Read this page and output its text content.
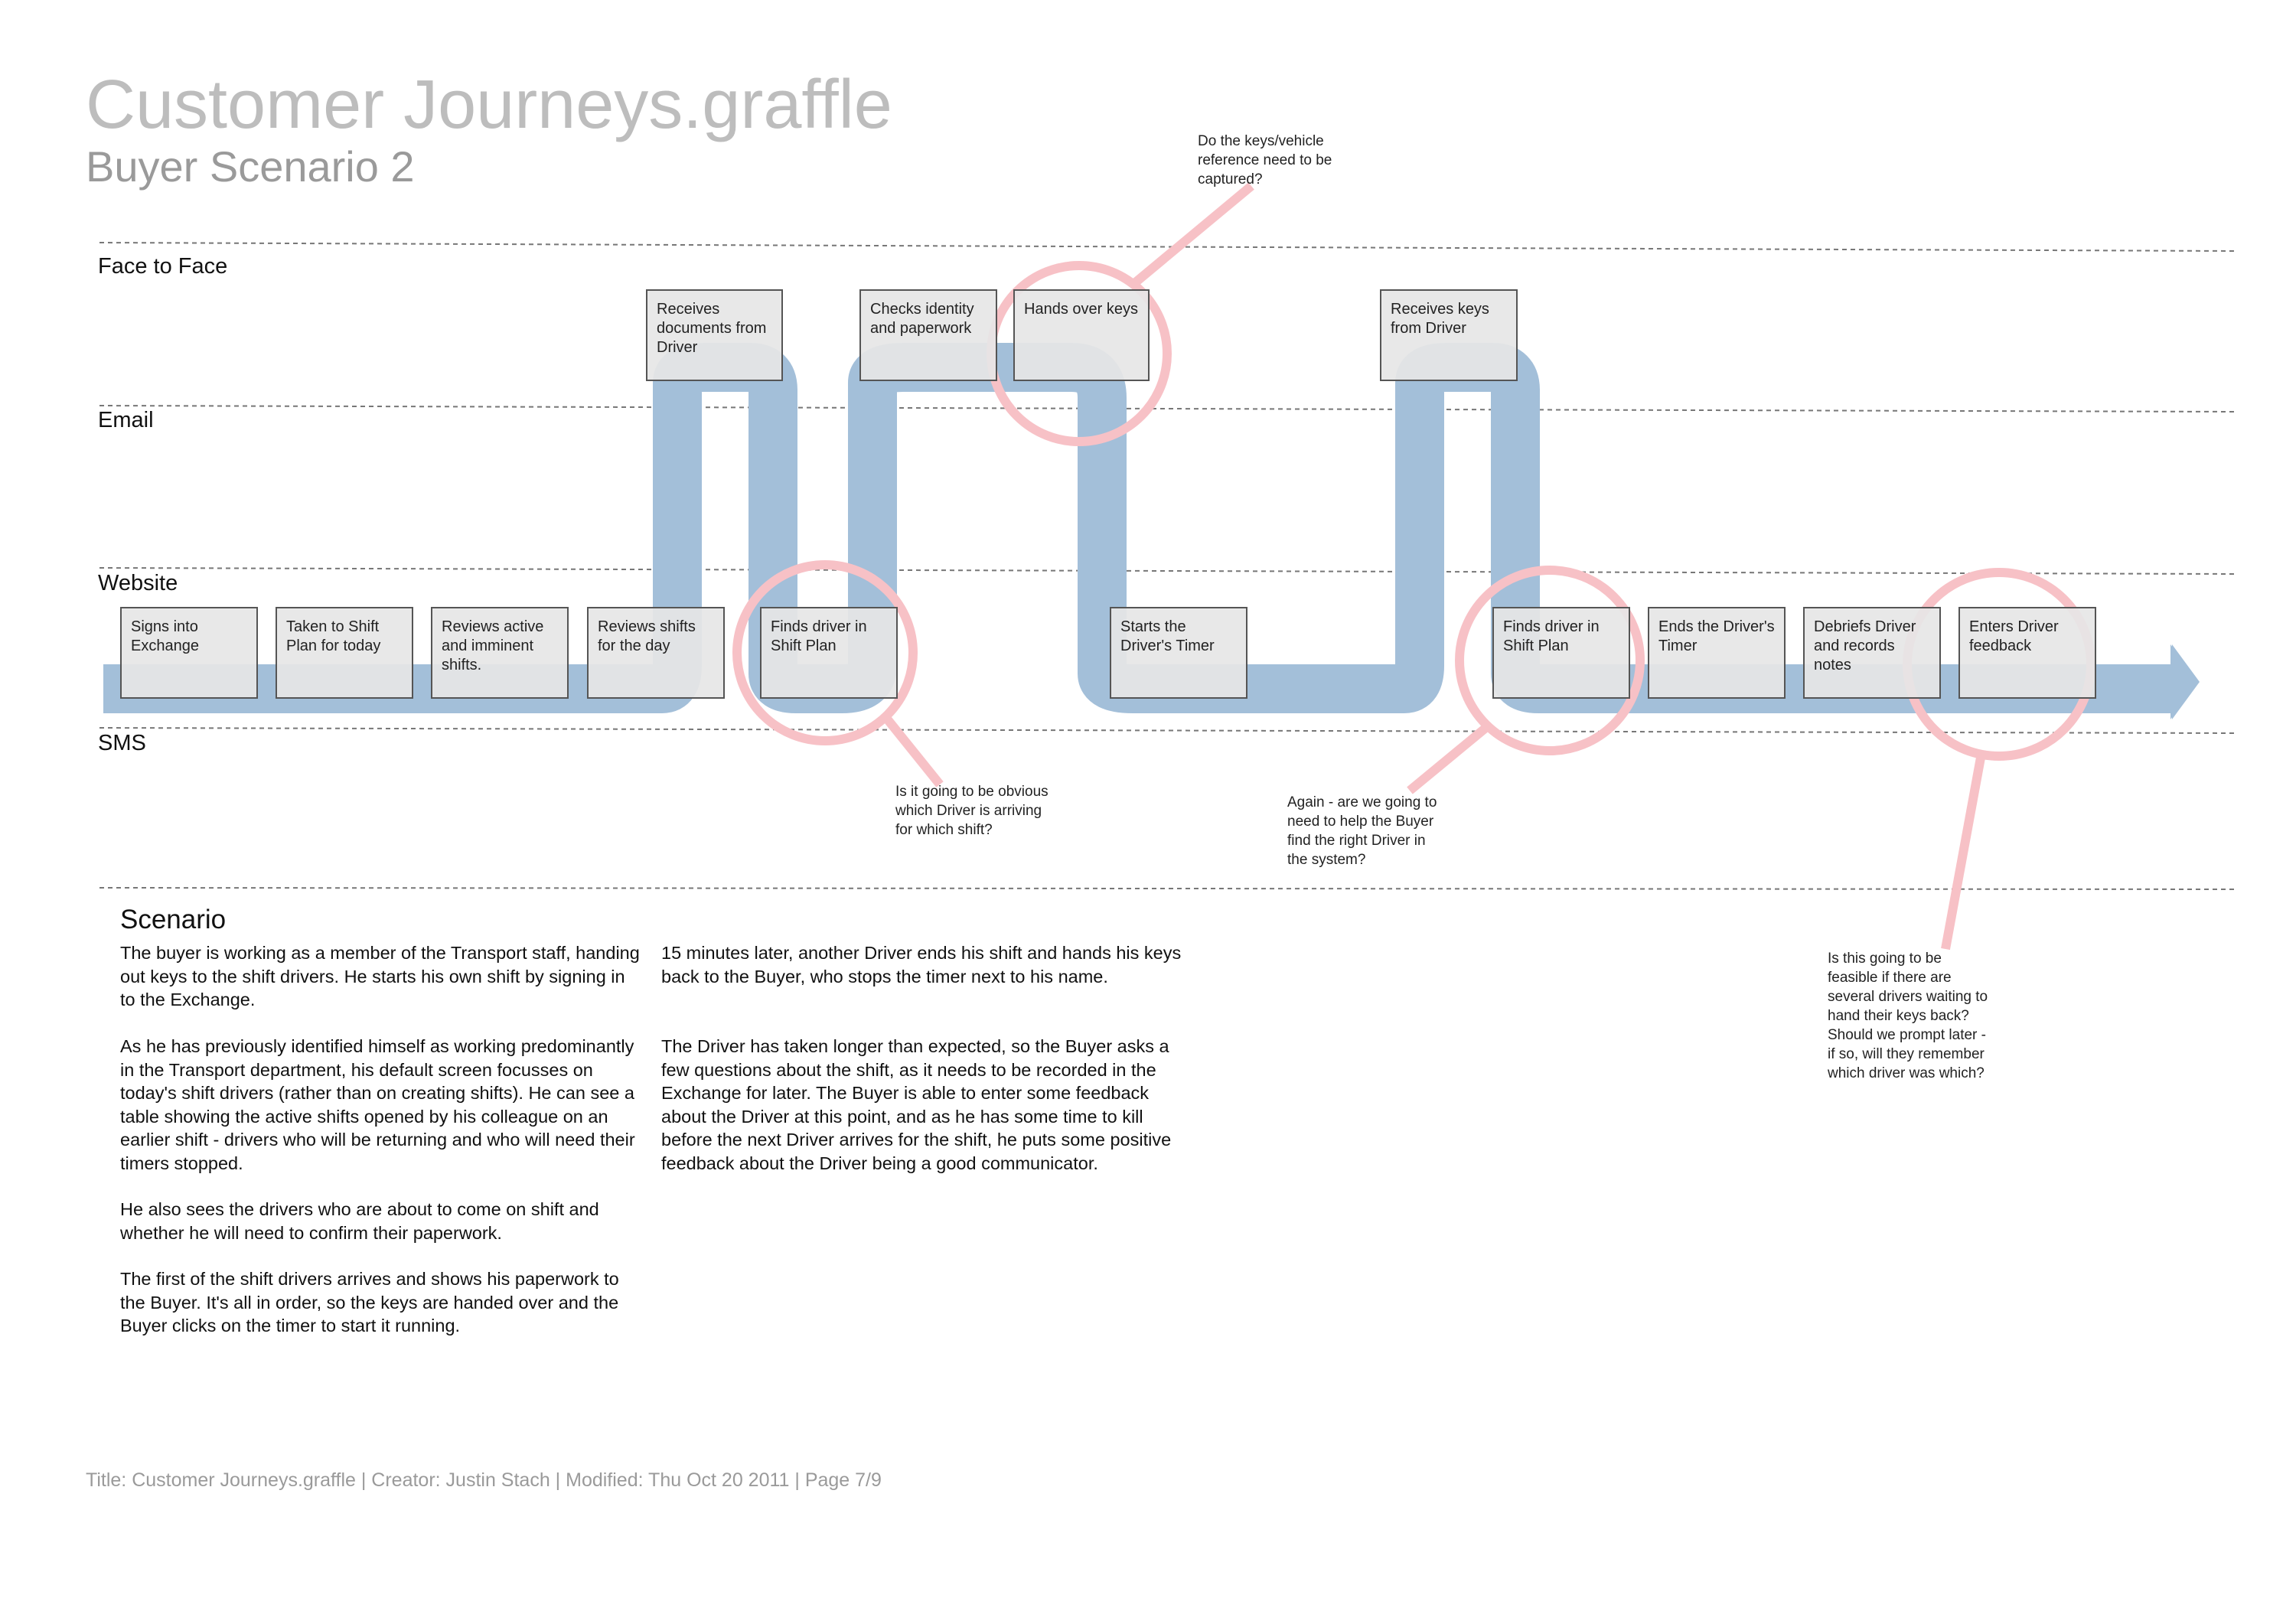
Customer Journeys.graffle
Buyer Scenario 2
Face to Face
Email
Website
SMS
Receives documents from Driver
Checks identity and paperwork
Hands over keys	Receives keys from Driver
Signs into Exchange
Taken to Shift Plan for today
Reviews active and imminent shifts.
Reviews shifts for the day
Finds driver in Shift Plan
Starts the Driver's Timer
Finds driver in Shift Plan
Ends the Driver's Timer
Debriefs Driver and records notes
Enters Driver feedback
Do the keys/vehicle reference need to be captured?
Is it going to be obvious which Driver is arriving for which shift?
Again - are we going to need to help the Buyer find the right Driver in the system?
Is this going to be feasible if there are several drivers waiting to hand their keys back? Should we prompt later - if so, will they remember which driver was which?
Scenario

The buyer is working as a member of the Transport staff, handing out keys to the shift drivers. He starts his own shift by signing in to the Exchange.

As he has previously identified himself as working predominantly in the Transport department, his default screen focusses on today's shift drivers (rather than on creating shifts). He can see a table showing the active shifts opened by his colleague on an earlier shift - drivers who will be returning and who will need their timers stopped.

He also sees the drivers who are about to come on shift and whether he will need to confirm their paperwork.

The first of the shift drivers arrives and shows his paperwork to the Buyer. It's all in order, so the keys are handed over and the Buyer clicks on the timer to start it running.

15 minutes later, another Driver ends his shift and hands his keys back to the Buyer, who stops the timer next to his name.

The Driver has taken longer than expected, so the Buyer asks a few questions about the shift, as it needs to be recorded in the Exchange for later. The Buyer is able to enter some feedback about the Driver at this point, and as he has some time to kill before the next Driver arrives for the shift, he puts some positive feedback about the Driver being a good communicator.

Title: Customer Journeys.graffle | Creator: Justin Stach | Modified: Thu Oct 20 2011 | Page 7/9
